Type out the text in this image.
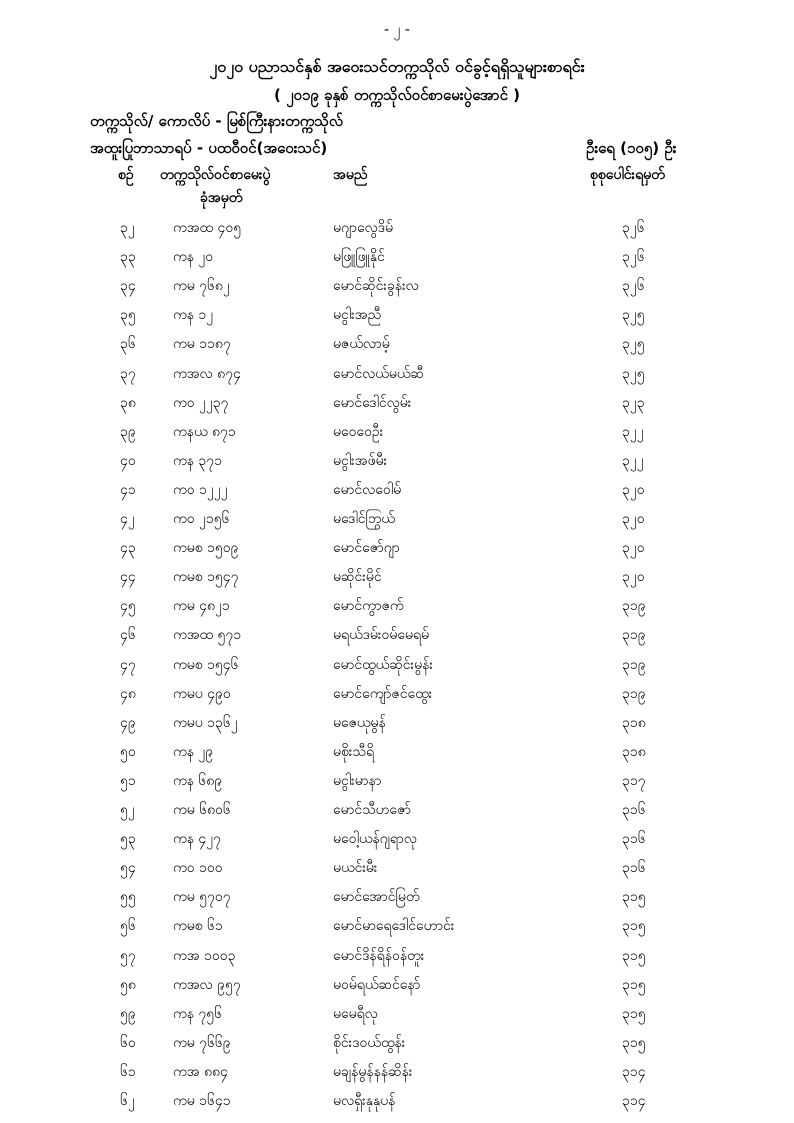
- ၂ -
၂၀၂၀ ပညာသင်နှစ် အဝေးသင်တက္ကသိုလ် ဝင်ခွင့်ရရှိသူများစာရင်း
( ၂၀၁၉ ခုနှစ် တက္ကသိုလ်ဝင်စာမေးပွဲအောင် )
တက္ကသိုလ်/ ကောလိပ် - မြစ်ကြီးနားတက္ကသိုလ်
အထူးပြုဘာသာရပ် - ပထဝီဝင်(အဝေးသင်)	ဦးရေ (၁၀၅) ဦး
စဉ် တက္ကသိုလ်ဝင်စာမေးပွဲ
ခုံအမှတ်
အမည်	စုစုပေါင်းရမှတ်
၃၂	ကအထ ၄၀၅	မဂျာလွေဒိမ်	၃၂၆
၃၃	ကန ၂၀	မဖြူဖြူနိုင်	၃၂၆
၃၄	ကမ ၇၆၈၂	မောင်ဆိုင်းခွန်းလ	၃၂၆
၃၅	ကန ၁၂	မငွါးအညီ	၃၂၅
၃၆	ကမ ၁၁၈၇	မဇယ်လာမ့်	၃၂၅
၃၇	ကအလ ၈၇၄	မောင်လယ်မယ်ဆီ	၃၂၅
၃၈	ကဝ ၂၂၃၇	မောင်ဒေါင်လွမ်း	၃၂၃
၃၉	ကနယ ၈၇၁	မဝေဝေဦး	၃၂၂
၄၀	ကန ၃၇၁	မငွါးအဖ်မီး	၃၂၂
၄၁	ကဝ ၁၂၂၂	မောင်လဝေါမ်	၃၂၀
၄၂	ကဝ ၂၁၅၆	မဒေါင်ဘြွယ်	၃၂၀
၄၃	ကမစ ၁၅၀၉	မောင်ဇော်ဂျာ	၃၂၀
၄၄	ကမစ ၁၅၄၇	မဆိုင်းမိုင်	၃၂၀
၄၅	ကမ ၄၈၂၁	မောင်ကွာဇက်	၃၁၉
၄၆	ကအထ ၅၇၁	မရယ်ဒမ်းဝမ်မေရမ်	၃၁၉
၄၇	ကမစ ၁၅၄၆	မောင်ထွယ်ဆိုင်းမွန်း	၃၁၉
၄၈	ကမပ ၄၉၀	မောင်ကျော်ဇင်ထွေး	၃၁၉
၄၉	ကမပ ၁၃၆၂	မဇေယုမွန်	၃၁၈
၅၀	ကန ၂၉	မစိုးသီရိ	၃၁၈
၅၁	ကန ၆၈၉	မငွါးမာနာ	၃၁၇
၅၂	ကမ ၆၈၀၆	မောင်သီဟဇော်	၃၁၆
၅၃	ကန ၄၂၇	မဝေါ့ယန်ဂျရာလု	၃၁၆
၅၄	ကဝ ၁၀၀	မယင်းမီး	၃၁၆
၅၅	ကမ ၅၇၀၇	မောင်အောင်မြတ်	၃၁၅
၅၆	ကမစ ၆၁	မောင်မာရေဒေါင်ဟောင်း	၃၁၅
၅၇	ကအ ၁၀၀၃	မောင်ဒိန်ရိန်ဝန်တူး	၃၁၅
၅၈	ကအလ ၉၅၇	မဝမ်ရယ်ဆင်နော်	၃၁၅
၅၉	ကန ၇၅၆	မမေရီလု	၃၁၅
၆၀	ကမ ၇၆၆၉	စိုင်းဒဝယ်ထွန်း	၃၁၅
၆၁	ကအ ၈၈၄	မချန်မွန်နန်ဆိန်း	၃၁၄
၆၂	ကမ ၁၆၄၁	မလရှီးနုနုပန်	၃၁၄
